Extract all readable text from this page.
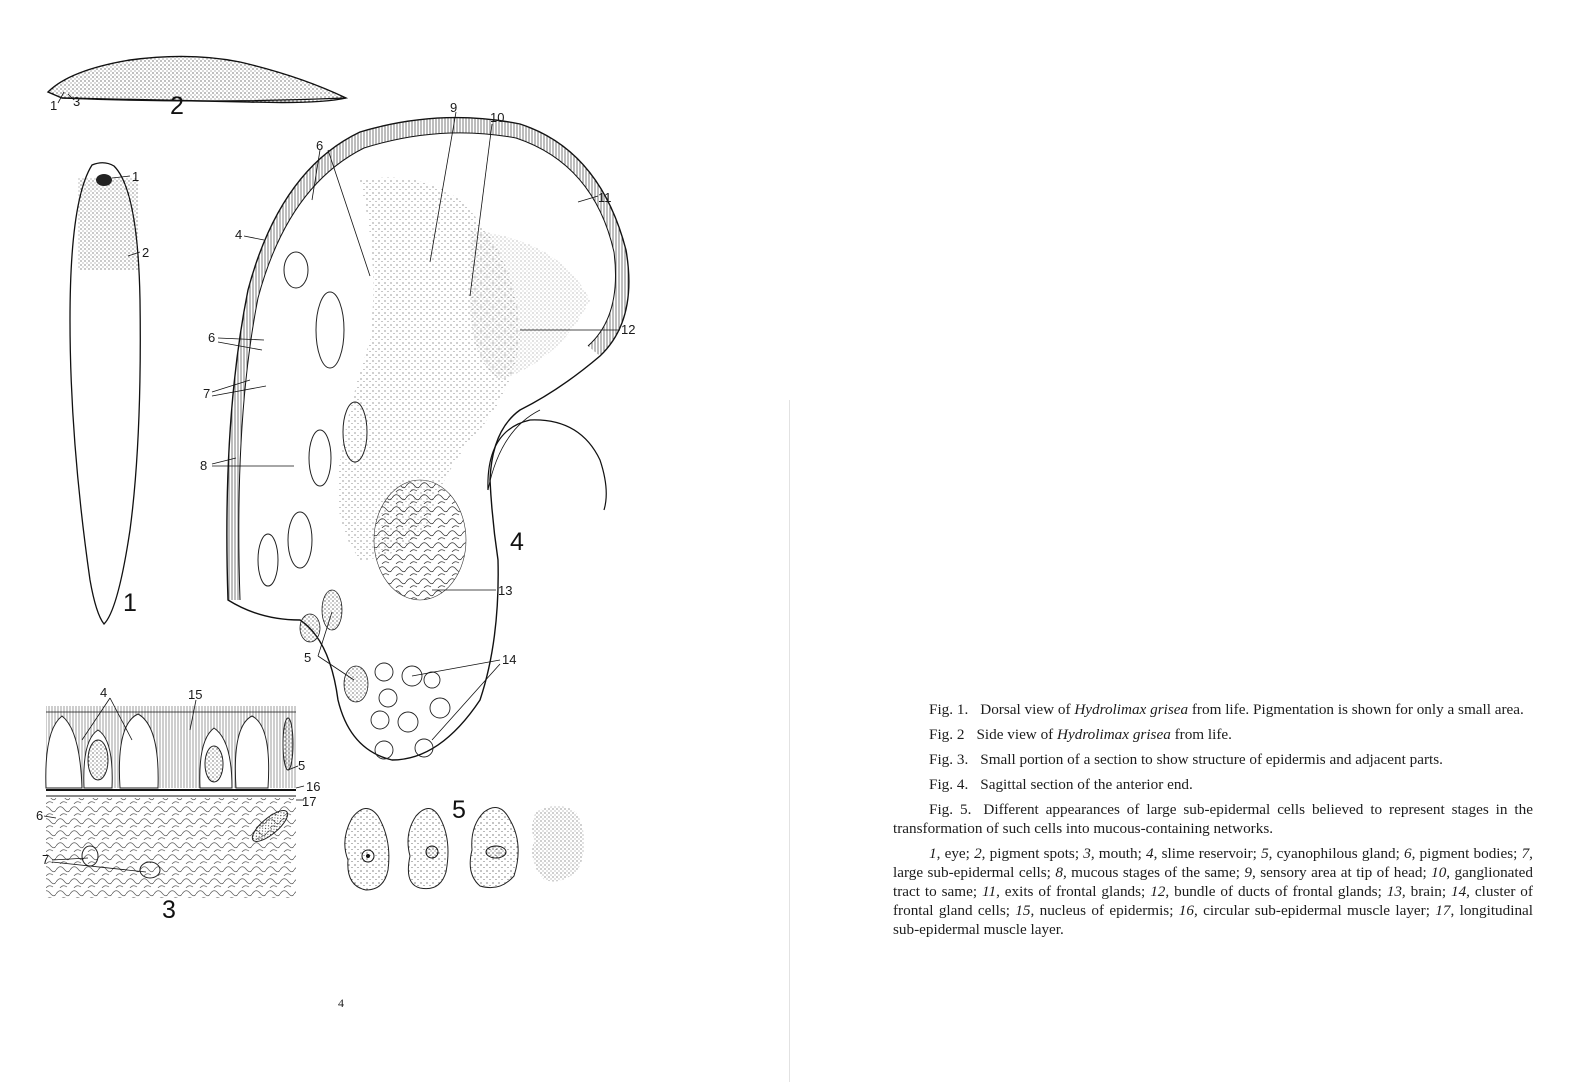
1 3	2
1
2
1
6
4
6
7
8
9
10
11
12
13
14
5
4
4	15
5
16
17
6
7
3
5
4

Fig. 1. Dorsal view of Hydrolimax grisea from life. Pigmentation is shown for only a small area.

Fig. 2 Side view of Hydrolimax grisea from life.

Fig. 3. Small portion of a section to show structure of epidermis and adjacent parts.

Fig. 4. Sagittal section of the anterior end.

Fig. 5. Different appearances of large sub-epidermal cells believed to represent stages in the transformation of such cells into mucous-containing networks.

1, eye; 2, pigment spots; 3, mouth; 4, slime reservoir; 5, cyanophilous gland; 6, pigment bodies; 7, large sub-epidermal cells; 8, mucous stages of the same; 9, sensory area at tip of head; 10, ganglionated tract to same; 11, exits of frontal glands; 12, bundle of ducts of frontal glands; 13, brain; 14, cluster of frontal gland cells; 15, nucleus of epidermis; 16, circular sub-epidermal muscle layer; 17, longitudinal sub-epidermal muscle layer.
